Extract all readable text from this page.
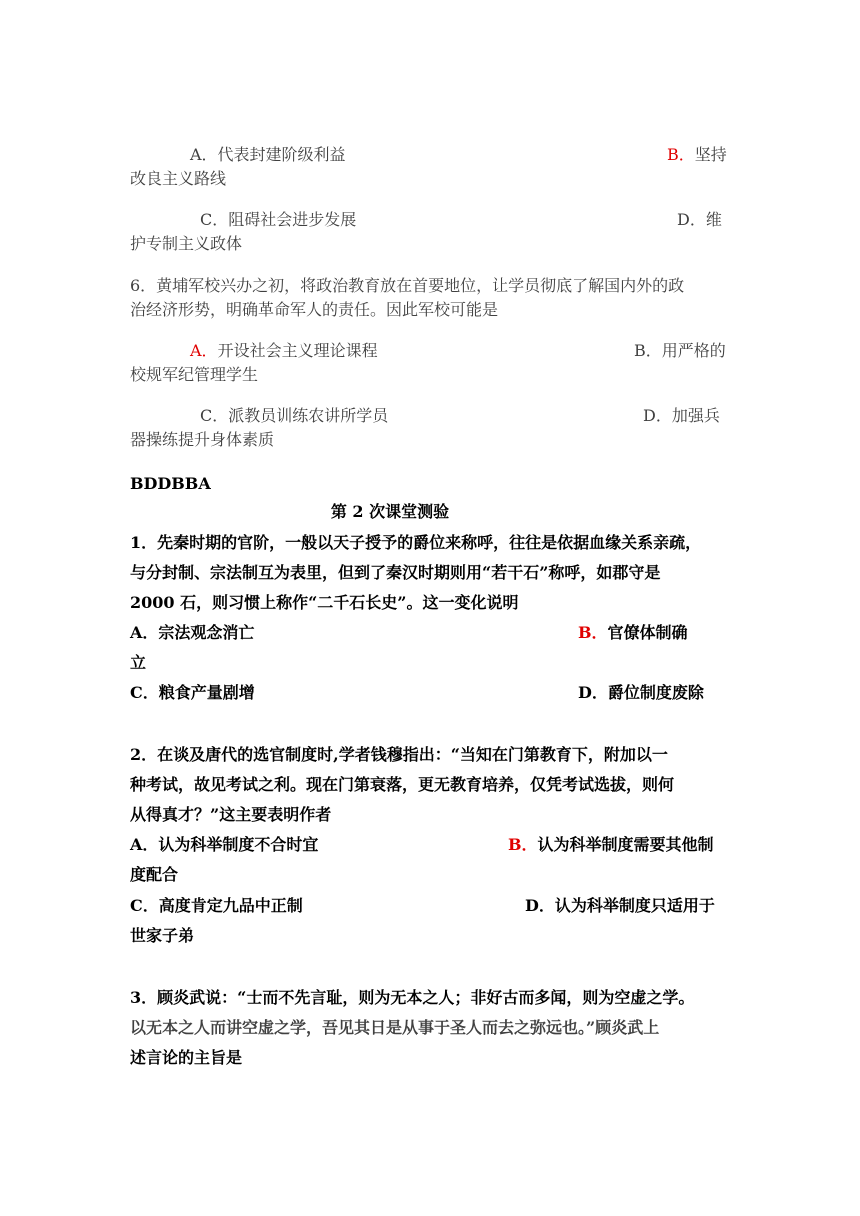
A．代表封建阶级利益	B．坚持
改良主义路线
C．阻碍社会进步发展	D．维
护专制主义政体
6．黄埔军校兴办之初，将政治教育放在首要地位，让学员彻底了解国内外的政
治经济形势，明确革命军人的责任。因此军校可能是
A．开设社会主义理论课程	B．用严格的
校规军纪管理学生
C．派教员训练农讲所学员	D．加强兵
器操练提升身体素质
BDDBBA
第 2 次课堂测验
1．先秦时期的官阶，一般以天子授予的爵位来称呼，往往是依据血缘关系亲疏，
与分封制、宗法制互为表里，但到了秦汉时期则用“若干石”称呼，如郡守是
2000 石，则习惯上称作“二千石长史”。这一变化说明
A．宗法观念消亡	B．官僚体制确
立
C．粮食产量剧增	D．爵位制度废除
2．在谈及唐代的选官制度时,学者钱穆指出：“当知在门第教育下，附加以一
种考试，故见考试之利。现在门第衰落，更无教育培养，仅凭考试选拔，则何
从得真才？”这主要表明作者
A．认为科举制度不合时宜	B．认为科举制度需要其他制
度配合
C．高度肯定九品中正制	D．认为科举制度只适用于
世家子弟
3．顾炎武说：“士而不先言耻，则为无本之人；非好古而多闻，则为空虚之学。
以无本之人而讲空虚之学，吾见其日是从事于圣人而去之弥远也。”顾炎武上
述言论的主旨是
